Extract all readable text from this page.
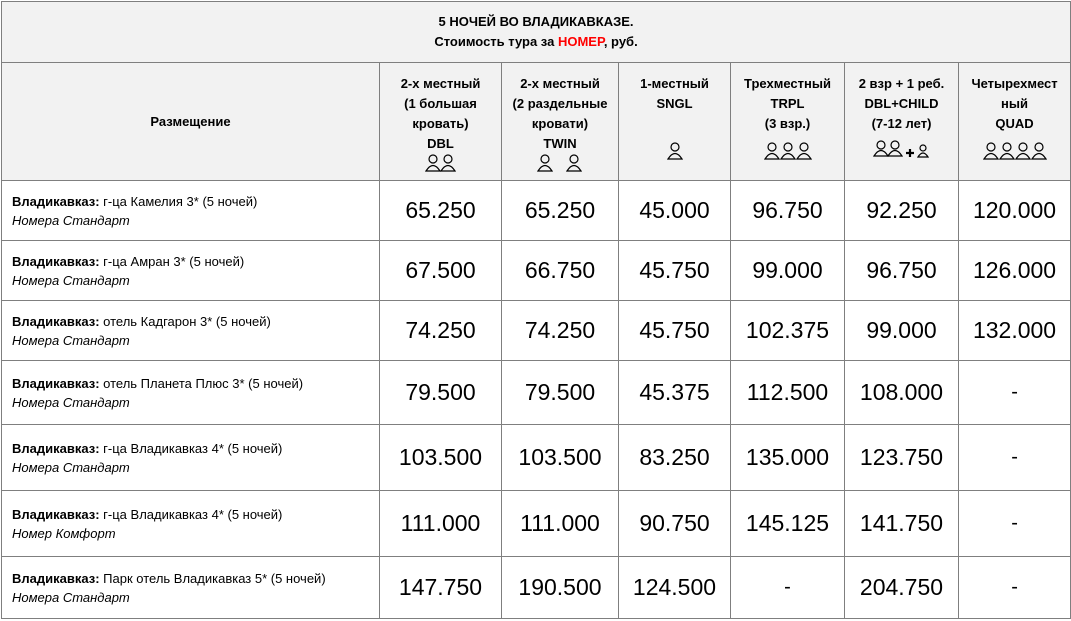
5 НОЧЕЙ ВО ВЛАДИКАВКАЗЕ.
Стоимость тура за НОМЕР, руб.						

Размещение	2-х местный
(1 большая
кровать)
DBL	2-х местный
(2 раздельные
кровати)
TWIN	1-местный
SNGL	Трехместный
TRPL
(3 взр.)	2 взр + 1 реб.
DBL+CHILD
(7-12 лет)	Четырехмест
ный
QUAD

Владикавказ: г-ца Камелия 3* (5 ночей)
Номера Стандарт	65.250	65.250	45.000	96.750	92.250	120.000
Владикавказ: г-ца Амран 3* (5 ночей)
Номера Стандарт	67.500	66.750	45.750	99.000	96.750	126.000
Владикавказ: отель Кадгарон 3* (5 ночей)
Номера Стандарт	74.250	74.250	45.750	102.375	99.000	132.000
Владикавказ: отель Планета Плюс 3* (5 ночей)
Номера Стандарт	79.500	79.500	45.375	112.500	108.000	-
Владикавказ: г-ца Владикавказ 4* (5 ночей)
Номера Стандарт	103.500	103.500	83.250	135.000	123.750	-
Владикавказ: г-ца Владикавказ 4* (5 ночей)
Номер Комфорт	111.000	111.000	90.750	145.125	141.750	-
Владикавказ: Парк отель Владикавказ 5* (5 ночей)
Номера Стандарт	147.750	190.500	124.500	-	204.750	-
